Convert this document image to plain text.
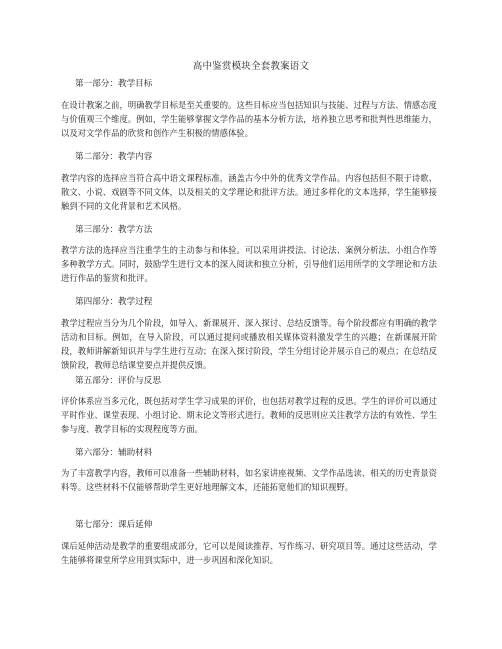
高中鉴赏模块全套教案语文
第一部分：教学目标
在设计教案之前，明确教学目标是至关重要的。这些目标应当包括知识与技能、过程与方法、情感态度与价值观三个维度。例如，学生能够掌握文学作品的基本分析方法，培养独立思考和批判性思维能力，以及对文学作品的欣赏和创作产生积极的情感体验。
第二部分：教学内容
教学内容的选择应当符合高中语文课程标准，涵盖古今中外的优秀文学作品。内容包括但不限于诗歌、散文、小说、戏剧等不同文体，以及相关的文学理论和批评方法。通过多样化的文本选择，学生能够接触到不同的文化背景和艺术风格。
第三部分：教学方法
教学方法的选择应当注重学生的主动参与和体验。可以采用讲授法、讨论法、案例分析法、小组合作等多种教学方式。同时，鼓励学生进行文本的深入阅读和独立分析，引导他们运用所学的文学理论和方法进行作品的鉴赏和批评。
第四部分：教学过程
教学过程应当分为几个阶段，如导入、新课展开、深入探讨、总结反馈等。每个阶段都应有明确的教学活动和目标。例如，在导入阶段，可以通过提问或播放相关媒体资料激发学生的兴趣；在新课展开阶段，教师讲解新知识并与学生进行互动；在深入探讨阶段，学生分组讨论并展示自己的观点；在总结反馈阶段，教师总结课堂要点并提供反馈。
第五部分：评价与反思
评价体系应当多元化，既包括对学生学习成果的评价，也包括对教学过程的反思。学生的评价可以通过平时作业、课堂表现、小组讨论、期末论文等形式进行。教师的反思则应关注教学方法的有效性、学生参与度、教学目标的实现程度等方面。
第六部分：辅助材料
为了丰富教学内容，教师可以准备一些辅助材料，如名家讲座视频、文学作品选读、相关的历史背景资料等。这些材料不仅能够帮助学生更好地理解文本，还能拓宽他们的知识视野。
第七部分：课后延伸
课后延伸活动是教学的重要组成部分，它可以是阅读推荐、写作练习、研究项目等。通过这些活动，学生能够将课堂所学应用到实际中，进一步巩固和深化知识。
